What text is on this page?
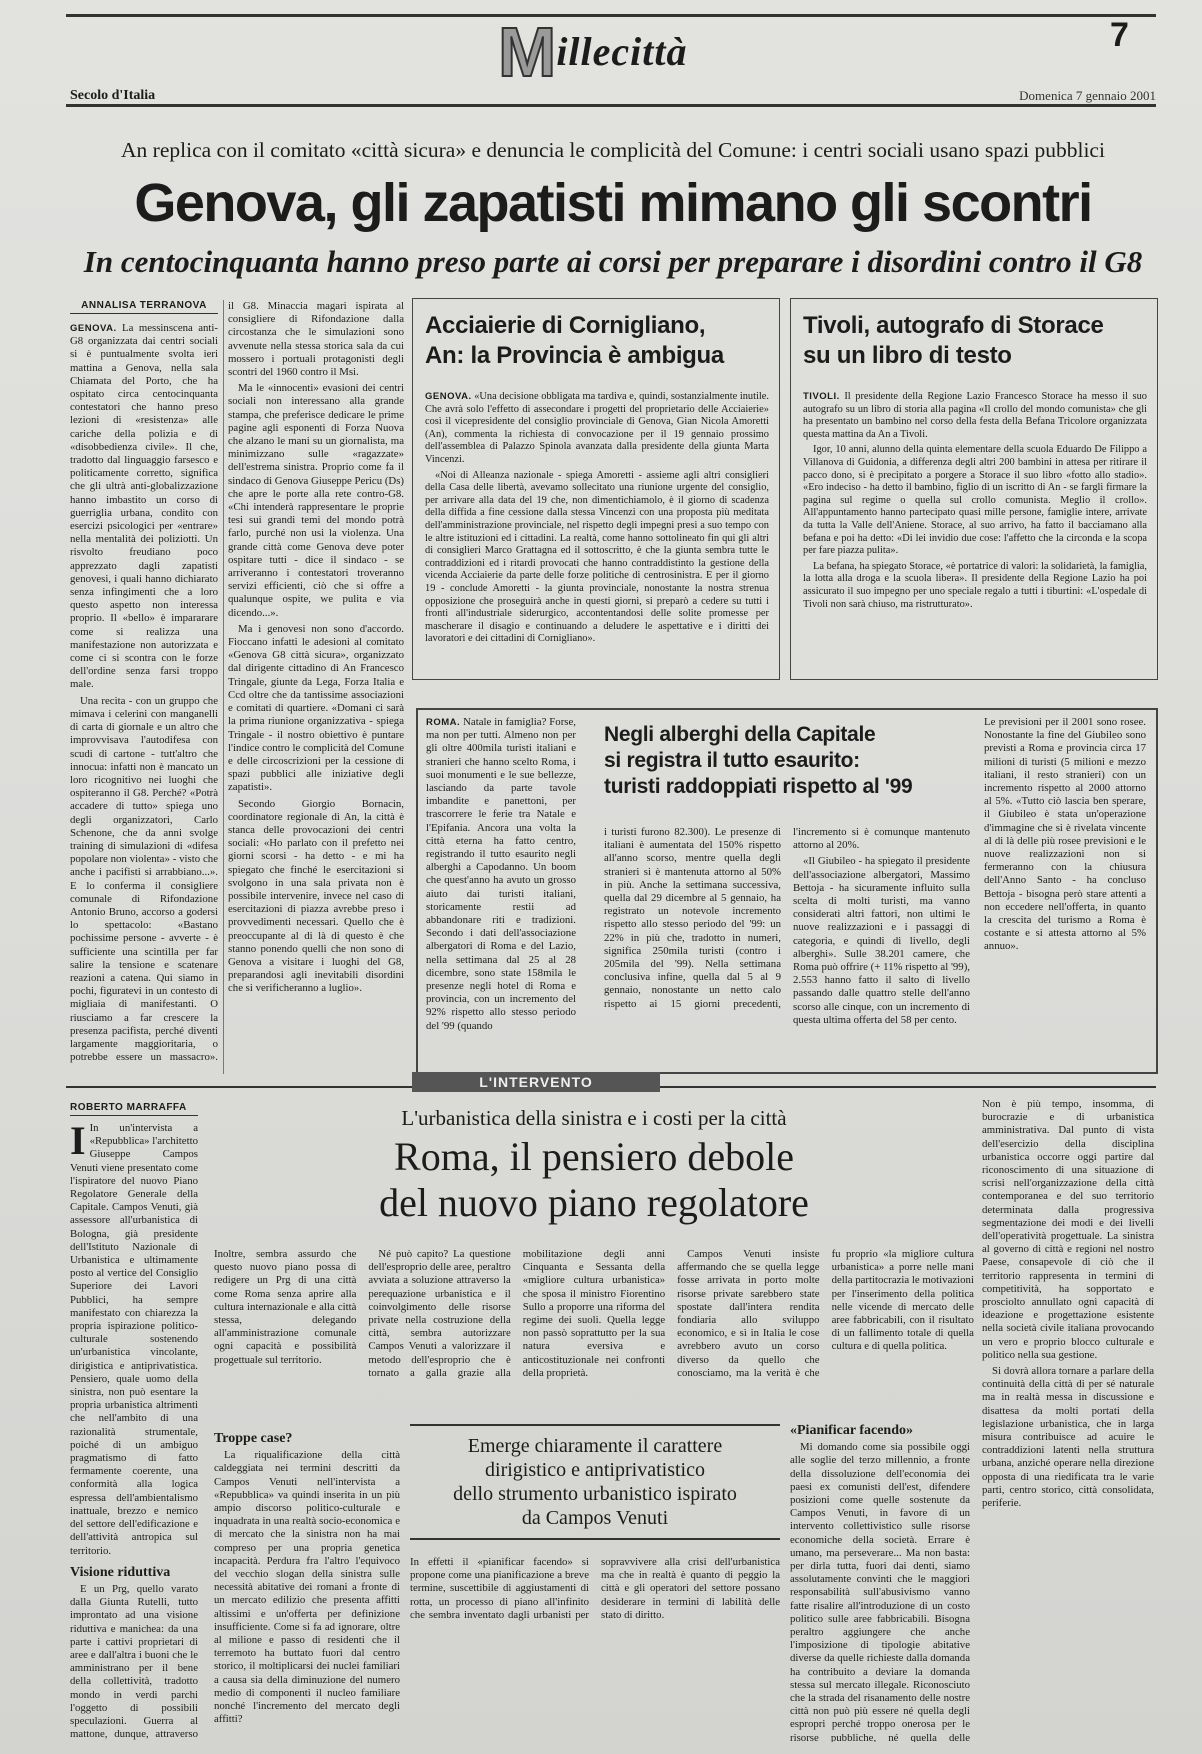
7
Millecittà
Secolo d'Italia	Domenica 7 gennaio 2001
An replica con il comitato «città sicura» e denuncia le complicità del Comune: i centri sociali usano spazi pubblici
Genova, gli zapatisti mimano gli scontri
In centocinquanta hanno preso parte ai corsi per preparare i disordini contro il G8
ANNALISA TERRANOVA

GENOVA. La messinscena anti-G8 organizzata dai centri sociali si è puntualmente svolta ieri mattina a Genova, nella sala Chiamata del Porto, che ha ospitato circa centocinquanta contestatori che hanno preso lezioni di «resistenza» alle cariche della polizia e di «disobbedienza civile». Il che, tradotto dal linguaggio farsesco e politicamente corretto, significa che gli ultrà anti-globalizzazione hanno imbastito un corso di guerriglia urbana, condito con esercizi psicologici per «entrare» nella mentalità dei poliziotti. Un risvolto freudiano poco apprezzato dagli zapatisti genovesi, i quali hanno dichiarato senza infingimenti che a loro questo aspetto non interessa proprio. Il «bello» è impararare come si realizza una manifestazione non autorizzata e come ci si scontra con le forze dell'ordine senza farsi troppo male.

Una recita - con un gruppo che mimava i celerini con manganelli di carta di giornale e un altro che improvvisava l'autodifesa con scudi di cartone - tutt'altro che innocua: infatti non è mancato un loro ricognitivo nei luoghi che ospiteranno il G8. Perché? «Potrà accadere di tutto» spiega uno degli organizzatori, Carlo Schenone, che da anni svolge training di simulazioni di «difesa popolare non violenta» - visto che anche i pacifisti si arrabbiano...». E lo conferma il consigliere comunale di Rifondazione Antonio Bruno, accorso a godersi lo spettacolo: «Bastano pochissime persone - avverte - è sufficiente una scintilla per far salire la tensione e scatenare reazioni a catena. Qui siamo in pochi, figuratevi in un contesto di migliaia di manifestanti. O riusciamo a far crescere la presenza pacifista, perché diventi largamente maggioritaria, o potrebbe essere un massacro».

il G8. Minaccia magari ispirata al consigliere di Rifondazione dalla circostanza che le simulazioni sono avvenute nella stessa storica sala da cui mossero i portuali protagonisti degli scontri del 1960 contro il Msi.

Ma le «innocenti» evasioni dei centri sociali non interessano alla grande stampa, che preferisce dedicare le prime pagine agli esponenti di Forza Nuova che alzano le mani su un giornalista, ma minimizzano sulle «ragazzate» dell'estrema sinistra. Proprio come fa il sindaco di Genova Giuseppe Pericu (Ds) che apre le porte alla rete contro-G8. «Chi intenderà rappresentare le proprie tesi sui grandi temi del mondo potrà farlo, purché non usi la violenza. Una grande città come Genova deve poter ospitare tutti - dice il sindaco - se arriveranno i contestatori troveranno servizi efficienti, ciò che si offre a qualunque ospite, we pulita e via dicendo...».

Ma i genovesi non sono d'accordo. Fioccano infatti le adesioni al comitato «Genova G8 città sicura», organizzato dal dirigente cittadino di An Francesco Tringale, giunte da Lega, Forza Italia e Ccd oltre che da tantissime associazioni e comitati di quartiere. «Domani ci sarà la prima riunione organizzativa - spiega Tringale - il nostro obiettivo è puntare l'indice contro le complicità del Comune e delle circoscrizioni per la cessione di spazi pubblici alle iniziative degli zapatisti».

Secondo Giorgio Bornacin, coordinatore regionale di An, la città è stanca delle provocazioni dei centri sociali: «Ho parlato con il prefetto nei giorni scorsi - ha detto - e mi ha spiegato che finché le esercitazioni si svolgono in una sala privata non è possibile intervenire, invece nel caso di esercitazioni di piazza avrebbe preso i provvedimenti necessari. Quello che è preoccupante al di là di questo è che stanno ponendo quelli che non sono di Genova a visitare i luoghi del G8, preparandosi agli inevitabili disordini che si verificheranno a luglio».

Acciaierie di Cornigliano,
An: la Provincia è ambigua

GENOVA. «Una decisione obbligata ma tardiva e, quindi, sostanzialmente inutile. Che avrà solo l'effetto di assecondare i progetti del proprietario delle Acciaierie» così il vicepresidente del consiglio provinciale di Genova, Gian Nicola Amoretti (An), commenta la richiesta di convocazione per il 19 gennaio prossimo dell'assemblea di Palazzo Spinola avanzata dalla presidente della giunta Marta Vincenzi.

«Noi di Alleanza nazionale - spiega Amoretti - assieme agli altri consiglieri della Casa delle libertà, avevamo sollecitato una riunione urgente del consiglio, per arrivare alla data del 19 che, non dimentichiamolo, è il giorno di scadenza della diffida a fine cessione dalla stessa Vincenzi con una proposta più meditata dell'amministrazione provinciale, nel rispetto degli impegni presi a suo tempo con le altre istituzioni ed i cittadini. La realtà, come hanno sottolineato fin qui gli altri di consiglieri Marco Grattagna ed il sottoscritto, è che la giunta sembra tutte le contraddizioni ed i ritardi provocati che hanno contraddistinto la gestione della vicenda Acciaierie da parte delle forze politiche di centrosinistra. E per il giorno 19 - conclude Amoretti - la giunta provinciale, nonostante la nostra strenua opposizione che proseguirà anche in questi giorni, si preparò a cedere su tutti i fronti all'industriale siderurgico, accontentandosi delle solite promesse per mascherare il disagio e continuando a deludere le aspettative e i diritti dei lavoratori e dei cittadini di Cornigliano».

Tivoli, autografo di Storace
su un libro di testo

TIVOLI. Il presidente della Regione Lazio Francesco Storace ha messo il suo autografo su un libro di storia alla pagina «Il crollo del mondo comunista» che gli ha presentato un bambino nel corso della festa della Befana Tricolore organizzata questa mattina da An a Tivoli.

Igor, 10 anni, alunno della quinta elementare della scuola Eduardo De Filippo a Villanova di Guidonia, a differenza degli altri 200 bambini in attesa per ritirare il pacco dono, si è precipitato a porgere a Storace il suo libro «fotto allo stadio». «Ero indeciso - ha detto il bambino, figlio di un iscritto di An - se fargli firmare la pagina sul regime o quella sul crollo comunista. Meglio il crollo». All'appuntamento hanno partecipato quasi mille persone, famiglie intere, arrivate da tutta la Valle dell'Aniene. Storace, al suo arrivo, ha fatto il bacciamano alla befana e poi ha detto: «Di lei invidio due cose: l'affetto che la circonda e la scopa per fare piazza pulita».

La befana, ha spiegato Storace, «è portatrice di valori: la solidarietà, la famiglia, la lotta alla droga e la scuola libera». Il presidente della Regione Lazio ha poi assicurato il suo impegno per uno speciale regalo a tutti i tiburtini: «L'ospedale di Tivoli non sarà chiuso, ma ristrutturato».

ROMA. Natale in famiglia? Forse, ma non per tutti. Almeno non per gli oltre 400mila turisti italiani e stranieri che hanno scelto Roma, i suoi monumenti e le sue bellezze, lasciando da parte tavole imbandite e panettoni, per trascorrere le ferie tra Natale e l'Epifania. Ancora una volta la città eterna ha fatto centro, registrando il tutto esaurito negli alberghi a Capodanno. Un boom che quest'anno ha avuto un grosso aiuto dai turisti italiani, storicamente restii ad abbandonare riti e tradizioni. Secondo i dati dell'associazione albergatori di Roma e del Lazio, nella settimana dal 25 al 28 dicembre, sono state 158mila le presenze negli hotel di Roma e provincia, con un incremento del 92% rispetto allo stesso periodo del '99 (quando

Negli alberghi della Capitale
si registra il tutto esaurito:
turisti raddoppiati rispetto al '99

i turisti furono 82.300). Le presenze di italiani è aumentata del 150% rispetto all'anno scorso, mentre quella degli stranieri si è mantenuta attorno al 50% in più. Anche la settimana successiva, quella dal 29 dicembre al 5 gennaio, ha registrato un notevole incremento rispetto allo stesso periodo del '99: un 22% in più che, tradotto in numeri, significa 250mila turisti (contro i 205mila del '99). Nella settimana conclusiva infine, quella dal 5 al 9 gennaio, nonostante un netto calo rispetto ai 15 giorni precedenti, l'incremento si è comunque mantenuto attorno al 20%.

«Il Giubileo - ha spiegato il presidente dell'associazione albergatori, Massimo Bettoja - ha sicuramente influito sulla scelta di molti turisti, ma vanno considerati altri fattori, non ultimi le nuove realizzazioni e i passaggi di categoria, e quindi di livello, degli alberghi». Sulle 38.201 camere, che Roma può offrire (+ 11% rispetto al '99), 2.553 hanno fatto il salto di livello passando dalle quattro stelle dell'anno scorso alle cinque, con un incremento di questa ultima offerta del 58 per cento.

Le previsioni per il 2001 sono rosee. Nonostante la fine del Giubileo sono previsti a Roma e provincia circa 17 milioni di turisti (5 milioni e mezzo italiani, il resto stranieri) con un incremento rispetto al 2000 attorno al 5%. «Tutto ciò lascia ben sperare, il Giubileo è stata un'operazione d'immagine che si è rivelata vincente al di là delle più rosee previsioni e le nuove realizzazioni non si fermeranno con la chiusura dell'Anno Santo - ha concluso Bettoja - bisogna però stare attenti a non eccedere nell'offerta, in quanto la crescita del turismo a Roma è costante e si attesta attorno al 5% annuo».

L'INTERVENTO
ROBERTO MARRAFFA	L'urbanistica della sinistra e i costi per la città
Roma, il pensiero debole
del nuovo piano regolatore

I In un'intervista a «Repubblica» l'architetto Giuseppe Campos Venuti viene presentato come l'ispiratore del nuovo Piano Regolatore Generale della Capitale. Campos Venuti, già assessore all'urbanistica di Bologna, già presidente dell'Istituto Nazionale di Urbanistica e ultimamente posto al vertice del Consiglio Superiore dei Lavori Pubblici, ha sempre manifestato con chiarezza la propria ispirazione politico-culturale sostenendo un'urbanistica vincolante, dirigistica e antiprivatistica. Pensiero, quale uomo della sinistra, non può esentare la propria urbanistica altrimenti che nell'ambito di una razionalità strumentale, poiché di un ambiguo pragmatismo di fatto fermamente coerente, una conformità alla logica espressa dell'ambientalismo inattuale, brezzo e nemico del settore dell'edificazione e dell'attività antropica sul territorio.

Visione riduttiva

E un Prg, quello varato dalla Giunta Rutelli, tutto improntato ad una visione riduttiva e manichea: da una parte i cattivi proprietari di aree e dall'altra i buoni che le amministrano per il bene della collettività, tradotto mondo in verdi parchi l'oggetto di possibili speculazioni. Guerra al mattone, dunque, attraverso

Inoltre, sembra assurdo che questo nuovo piano possa di redigere un Prg di una città come Roma senza aprire alla cultura internazionale e alla città stessa, delegando all'amministrazione comunale ogni capacità e possibilità progettuale sul territorio.

Né può capito? La questione dell'esproprio delle aree, peraltro avviata a soluzione attraverso la perequazione urbanistica e il coinvolgimento delle risorse private nella costruzione della città, sembra autorizzare Campos Venuti a valorizzare il metodo dell'esproprio che è tornato a galla grazie alla mobilitazione degli anni Cinquanta e Sessanta della «migliore cultura urbanistica» che sposa il ministro Fiorentino Sullo a proporre una riforma del regime dei suoli. Quella legge non passò soprattutto per la sua natura eversiva e anticostituzionale nei confronti della proprietà.

Campos Venuti insiste affermando che se quella legge fosse arrivata in porto molte risorse private sarebbero state spostate dall'intera rendita fondiaria allo sviluppo economico, e sì in Italia le cose avrebbero avuto un corso diverso da quello che conosciamo, ma la verità è che fu proprio «la migliore cultura urbanistica» a porre nelle mani della partitocrazia le motivazioni per l'inserimento della politica nelle vicende di mercato delle aree fabbricabili, con il risultato di un fallimento totale di quella cultura e di quella politica.

Emerge chiaramente il carattere
dirigistico e antiprivatistico
dello strumento urbanistico ispirato
da Campos Venuti
Troppe case?

La riqualificazione della città caldeggiata nei termini descritti da Campos Venuti nell'intervista a «Repubblica» va quindi inserita in un più ampio discorso politico-culturale e inquadrata in una realtà socio-economica e di mercato che la sinistra non ha mai compreso per una propria genetica incapacità. Perdura fra l'altro l'equivoco del vecchio slogan della sinistra sulle necessità abitative dei romani a fronte di un mercato edilizio che presenta affitti altissimi e un'offerta per definizione insufficiente. Come si fa ad ignorare, oltre al milione e passo di residenti che il terremoto ha buttato fuori dal centro storico, il moltiplicarsi dei nuclei familiari a causa sia della diminuzione del numero medio di componenti il nucleo familiare nonché l'incremento del mercato degli affitti?

In effetti il «pianificar facendo» si propone come una pianificazione a breve termine, suscettibile di aggiustamenti di rotta, un processo di piano all'infinito che sembra inventato dagli urbanisti per sopravvivere alla crisi dell'urbanistica ma che in realtà è quanto di peggio la città e gli operatori del settore possano desiderare in termini di labilità delle stato di diritto.

«Pianificar facendo»

Mi domando come sia possibile oggi alle soglie del terzo millennio, a fronte della dissoluzione dell'economia dei paesi ex comunisti dell'est, difendere posizioni come quelle sostenute da Campos Venuti, in favore di un intervento collettivistico sulle risorse economiche della società. Errare è umano, ma perseverare... Ma non basta: per dirla tutta, fuori dai denti, siamo assolutamente convinti che le maggiori responsabilità sull'abusivismo vanno fatte risalire all'introduzione di un costo politico sulle aree fabbricabili. Bisogna peraltro aggiungere che anche l'imposizione di tipologie abitative diverse da quelle richieste dalla domanda ha contribuito a deviare la domanda stessa sul mercato illegale. Riconosciuto che la strada del risanamento delle nostre città non può più essere né quella degli espropri perché troppo onerosa per le risorse pubbliche, né quella delle

Non è più tempo, insomma, di burocrazie e di urbanistica amministrativa. Dal punto di vista dell'esercizio della disciplina urbanistica occorre oggi partire dal riconoscimento di una situazione di scrisi nell'organizzazione della città contemporanea e del suo territorio determinata dalla progressiva segmentazione dei modi e dei livelli dell'operatività progettuale. La sinistra al governo di città e regioni nel nostro Paese, consapevole di ciò che il territorio rappresenta in termini di competitività, ha sopportato e prosciolto annullato ogni capacità di ideazione e progettazione esistente nella società civile italiana provocando un vero e proprio blocco culturale e politico nella sua gestione.

Si dovrà allora tornare a parlare della continuità della città di per sé naturale ma in realtà messa in discussione e disattesa da molti portati della legislazione urbanistica, che in larga misura contribuisce ad acuire le contraddizioni latenti nella struttura urbana, anziché operare nella direzione opposta di una riedificata tra le varie parti, centro storico, città consolidata, periferie.
